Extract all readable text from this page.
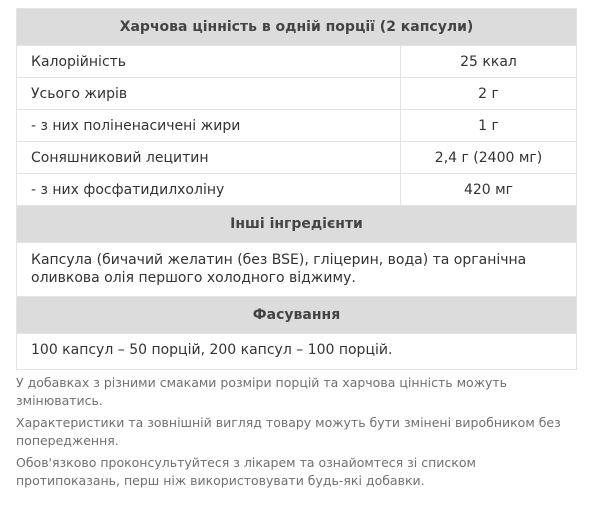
Харчова цінність в одній порції (2 капсули)	
Калорійність	25 ккал
Усього жирів	2 г
- з них поліненасичені жири	1 г
Соняшниковий лецитин	2,4 г (2400 мг)
- з них фосфатидилхоліну	420 мг
Інші інгредієнти	
Капсула (бичачий желатин (без BSE), гліцерин, вода) та органічна оливкова олія першого холодного віджиму.	
Фасування	
100 капсул – 50 порцій, 200 капсул – 100 порцій.	

У добавках з різними смаками розміри порцій та харчова цінність можуть змінюватись.

Характеристики та зовнішній вигляд товару можуть бути змінені виробником без попередження.

Обов'язково проконсультуйтеся з лікарем та ознайомтеся зі списком протипоказань, перш ніж використовувати будь-які добавки.
